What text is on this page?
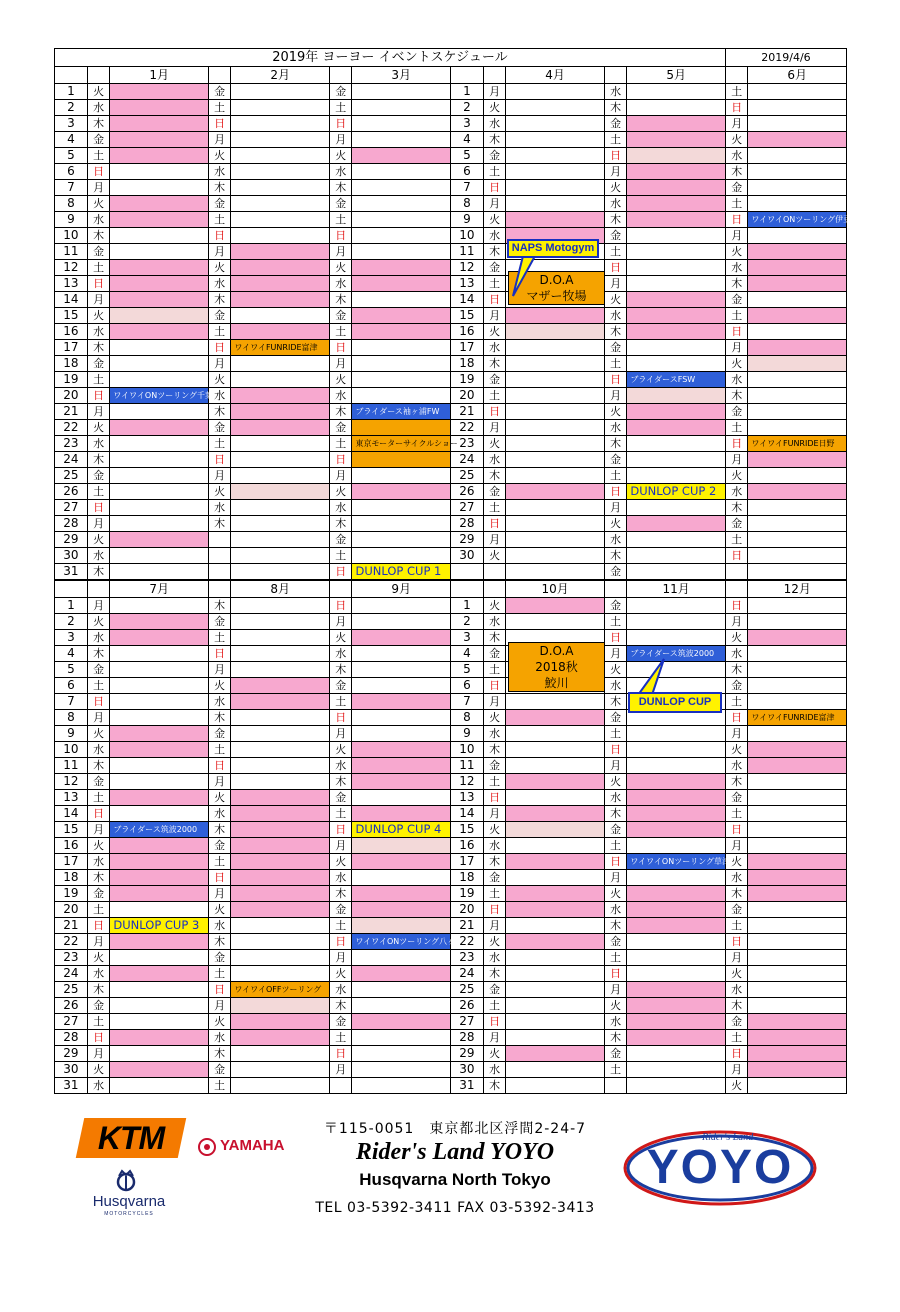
2019年 ヨーヨー イベントスケジュール												2019/4/6	
		1月		2月		3月			4月		5月		6月
1	火		金		金		1	月		水		土	
2	水		土		土		2	火		木		日	
3	木		日		日		3	水		金		月	
4	金		月		月		4	木		土		火	
5	土		火		火		5	金		日		水	
6	日		水		水		6	土		月		木	
7	月		木		木		7	日		火		金	
8	火		金		金		8	月		水		土	
9	水		土		土		9	火		木		日	ワイワイONツーリング伊豆
10	木		日		日		10	水		金		月	
11	金		月		月		11	木		土		火	
12	土		火		火		12	金		日		水	
13	日		水		水		13	土		月		木	
14	月		木		木		14	日		火		金	
15	火		金		金		15	月		水		土	
16	水		土		土		16	火		木		日	
17	木		日	ワイワイFUNRIDE富津	日		17	水		金		月	
18	金		月		月		18	木		土		火	
19	土		火		火		19	金		日	ブライダースFSW	水	
20	日	ワイワイONツーリング千葉	水		水		20	土		月		木	
21	月		木		木	ブライダース袖ヶ浦FW	21	日		火		金	
22	火		金		金		22	月		水		土	
23	水		土		土	東京モーターサイクルショー	23	火		木		日	ワイワイFUNRIDE日野
24	木		日		日		24	水		金		月	
25	金		月		月		25	木		土		火	
26	土		火		火		26	金		日	DUNLOP CUP 2	水	
27	日		水		水		27	土		月		木	
28	月		木		木		28	日		火		金	
29	火				金		29	月		水		土	
30	水				土		30	火		木		日	
31	木				日	DUNLOP CUP 1				金			
		7月		8月		9月			10月		11月		12月
1	月		木		日		1	火		金		日	
2	火		金		月		2	水		土		月	
3	水		土		火		3	木		日		火	
4	木		日		水		4	金		月	ブライダース筑波2000	水	
5	金		月		木		5	土		火		木	
6	土		火		金		6	日		水		金	
7	日		水		土		7	月		木		土	
8	月		木		日		8	火		金		日	ワイワイFUNRIDE富津
9	火		金		月		9	水		土		月	
10	水		土		火		10	木		日		火	
11	木		日		水		11	金		月		水	
12	金		月		木		12	土		火		木	
13	土		火		金		13	日		水		金	
14	日		水		土		14	月		木		土	
15	月	ブライダース筑波2000	木		日	DUNLOP CUP 4	15	火		金		日	
16	火		金		月		16	水		土		月	
17	水		土		火		17	木		日	ワイワイONツーリング草津	火	
18	木		日		水		18	金		月		水	
19	金		月		木		19	土		火		木	
20	土		火		金		20	日		水		金	
21	日	DUNLOP CUP 3	水		土		21	月		木		土	
22	月		木		日	ワイワイONツーリング八ヶ岳	22	火		金		日	
23	火		金		月		23	水		土		月	
24	水		土		火		24	木		日		火	
25	木		日	ワイワイOFFツーリング	水		25	金		月		水	
26	金		月		木		26	土		火		木	
27	土		火		金		27	日		水		金	
28	日		水		土		28	月		木		土	
29	月		木		日		29	火		金		日	
30	火		金		月		30	水		土		月	
31	水		土				31	木				火	
D.O.A
マザー牧場
D.O.A
2018秋
鮫川
NAPS Motogym
DUNLOP CUP
KTM	YAMAHA
Husqvarna
MOTORCYCLES
〒115-0051　東京都北区浮間2-24-7
Rider's Land YOYO
Husqvarna North Tokyo
TEL 03-5392-3411 FAX 03-5392-3413
Rider's Land
YOYO
